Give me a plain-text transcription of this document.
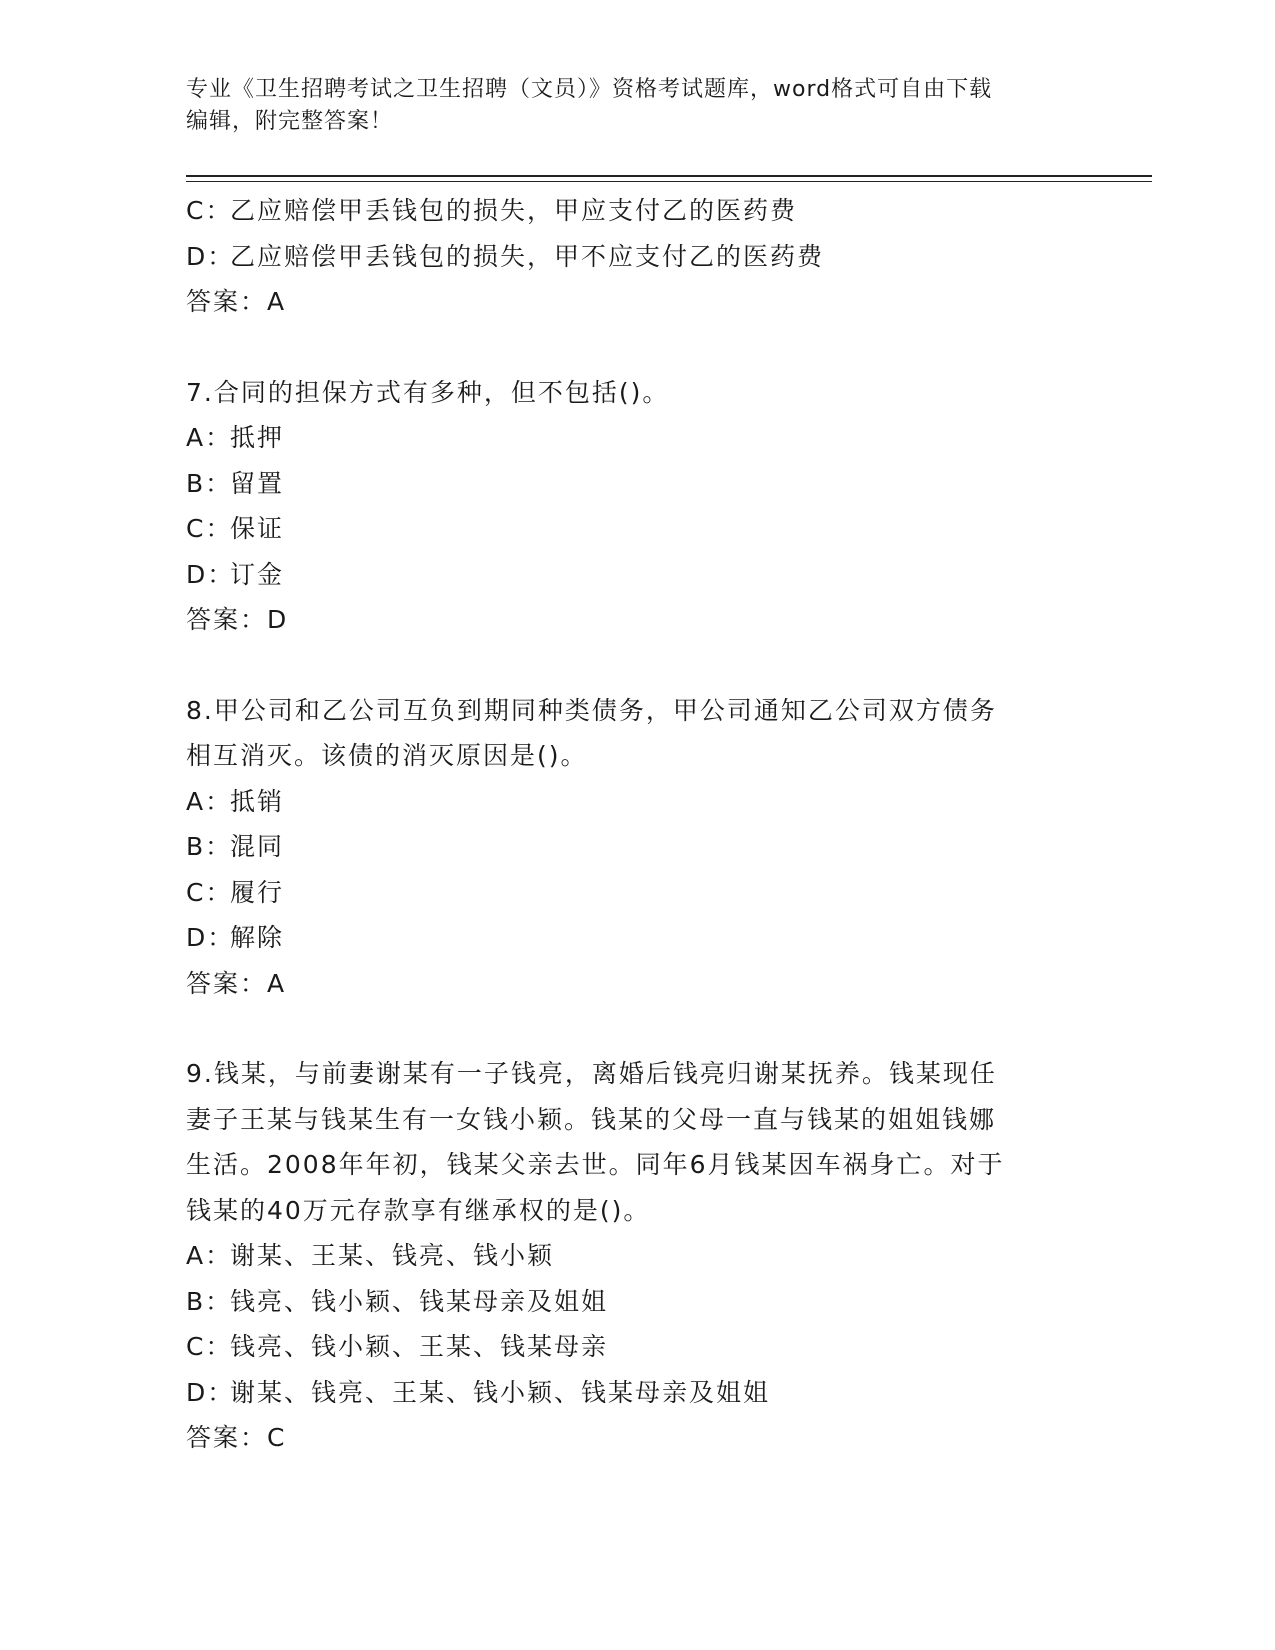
专业《卫生招聘考试之卫生招聘（文员）》资格考试题库，word格式可自由下载
编辑，附完整答案！
C：乙应赔偿甲丢钱包的损失，甲应支付乙的医药费
D：乙应赔偿甲丢钱包的损失，甲不应支付乙的医药费
答案：A
7.合同的担保方式有多种，但不包括()。
A：抵押
B：留置
C：保证
D：订金
答案：D
8.甲公司和乙公司互负到期同种类债务，甲公司通知乙公司双方债务
相互消灭。该债的消灭原因是()。
A：抵销
B：混同
C：履行
D：解除
答案：A
9.钱某，与前妻谢某有一子钱亮，离婚后钱亮归谢某抚养。钱某现任
妻子王某与钱某生有一女钱小颖。钱某的父母一直与钱某的姐姐钱娜
生活。2008年年初，钱某父亲去世。同年6月钱某因车祸身亡。对于
钱某的40万元存款享有继承权的是()。
A：谢某、王某、钱亮、钱小颖
B：钱亮、钱小颖、钱某母亲及姐姐
C：钱亮、钱小颖、王某、钱某母亲
D：谢某、钱亮、王某、钱小颖、钱某母亲及姐姐
答案：C
